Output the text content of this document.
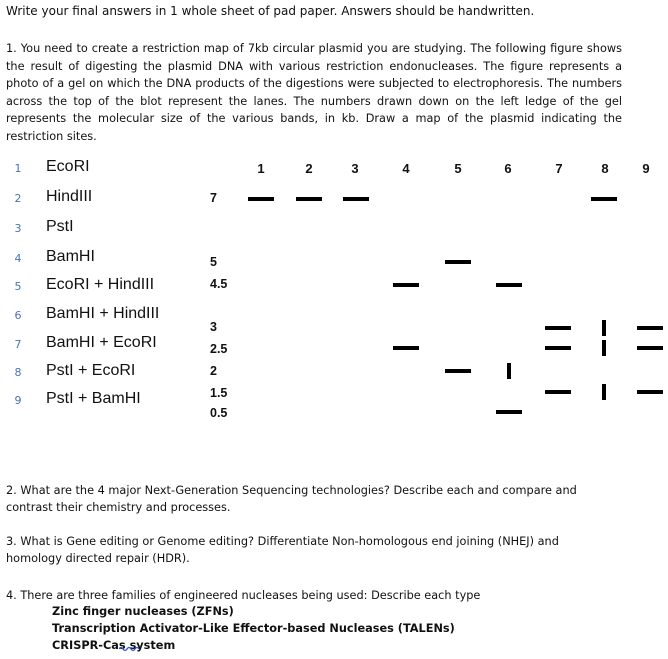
Write your final answers in 1 whole sheet of pad paper. Answers should be handwritten.

1. You need to create a restriction map of 7kb circular plasmid you are studying. The following figure shows the result of digesting the plasmid DNA with various restriction endonucleases. The figure represents a photo of a gel on which the DNA products of the digestions were subjected to electrophoresis. The numbers across the top of the blot represent the lanes. The numbers drawn down on the left ledge of the gel represents the molecular size of the various bands, in kb. Draw a map of the plasmid indicating the restriction sites.

1 EcoRI
2 HindIII
3 PstI
4 BamHI
5 EcoRI + HindIII
6 BamHI + HindIII
7 BamHI + EcoRI
8 PstI + EcoRI
9 PstI + BamHI
1	2	3	4	5	6	7	8	9
7
5
4.5
3
2.5
2
1.5
0.5

2. What are the 4 major Next-Generation Sequencing technologies? Describe each and compare and contrast their chemistry and processes.

3. What is Gene editing or Genome editing? Differentiate Non-homologous end joining (NHEJ) and homology directed repair (HDR).

4. There are three families of engineered nucleases being used: Describe each type

Zinc finger nucleases (ZFNs)
Transcription Activator-Like Effector-based Nucleases (TALENs)
CRISPR-Cas system
